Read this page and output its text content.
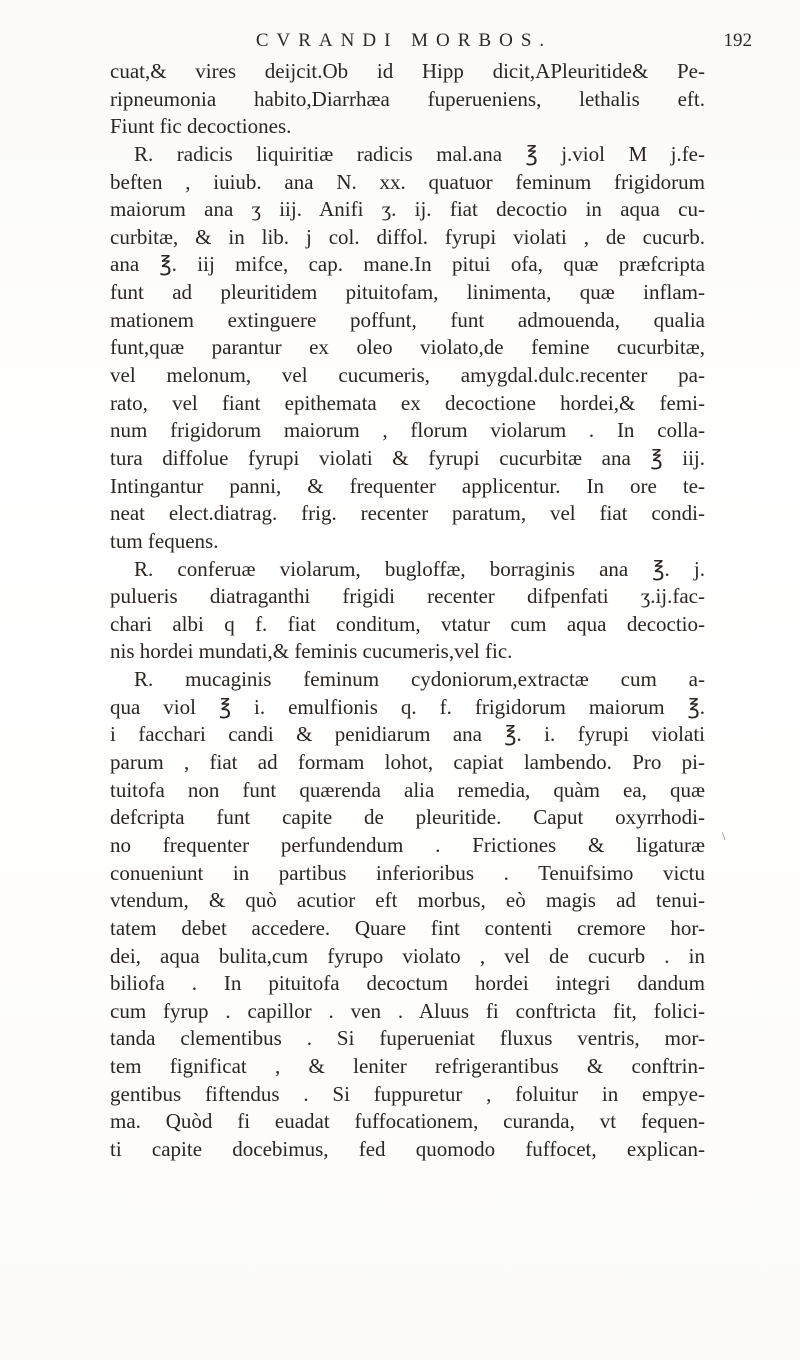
CVRANDI MORBOS.	192
cuat,& vires deijcit.Ob id Hipp dicit,APleuritide& Pe-
ripneumonia habito,Diarrhæa fuperueniens, lethalis eft.
Fiunt fic decoctiones.
R. radicis liquiritiæ radicis mal.ana ℥ j.viol M j.fe-
beften , iuiub. ana N. xx. quatuor feminum frigidorum
maiorum ana ʒ iij. Anifi ʒ. ij. fiat decoctio in aqua cu-
curbitæ, & in lib. j col. diffol. fyrupi violati , de cucurb.
ana ℥. iij mifce, cap. mane.In pitui ofa, quæ præfcripta
funt ad pleuritidem pituitofam, linimenta, quæ inflam-
mationem extinguere poffunt, funt admouenda, qualia
funt,quæ parantur ex oleo violato,de femine cucurbitæ,
vel melonum, vel cucumeris, amygdal.dulc.recenter pa-
rato, vel fiant epithemata ex decoctione hordei,& femi-
num frigidorum maiorum , florum violarum . In colla-
tura diffolue fyrupi violati & fyrupi cucurbitæ ana ℥ iij.
Intingantur panni, & frequenter applicentur. In ore te-
neat elect.diatrag. frig. recenter paratum, vel fiat condi-
tum fequens.
R. conferuæ violarum, bugloffæ, borraginis ana ℥. j.
pulueris diatraganthi frigidi recenter difpenfati ʒ.ij.fac-
chari albi q f. fiat conditum, vtatur cum aqua decoctio-
nis hordei mundati,& feminis cucumeris,vel fic.
R. mucaginis feminum cydoniorum,extractæ cum a-
qua viol ℥ i. emulfionis q. f. frigidorum maiorum ℥.
i facchari candi & penidiarum ana ℥. i. fyrupi violati
parum , fiat ad formam lohot, capiat lambendo. Pro pi-
tuitofa non funt quærenda alia remedia, quàm ea, quæ
defcripta funt capite de pleuritide. Caput oxyrrhodi-
no frequenter perfundendum . Frictiones & ligaturæ
conueniunt in partibus inferioribus . Tenuifsimo victu
vtendum, & quò acutior eft morbus, eò magis ad tenui-
tatem debet accedere. Quare fint contenti cremore hor-
dei, aqua bulita,cum fyrupo violato , vel de cucurb . in
biliofa . In pituitofa decoctum hordei integri dandum
cum fyrup . capillor . ven . Aluus fi conftricta fit, folici-
tanda clementibus . Si fuperueniat fluxus ventris, mor-
tem fignificat , & leniter refrigerantibus & conftrin-
gentibus fiftendus . Si fuppuretur , foluitur in empye-
ma. Quòd fi euadat fuffocationem, curanda, vt fequen-
ti capite docebimus, fed quomodo fuffocet, explican-
\
